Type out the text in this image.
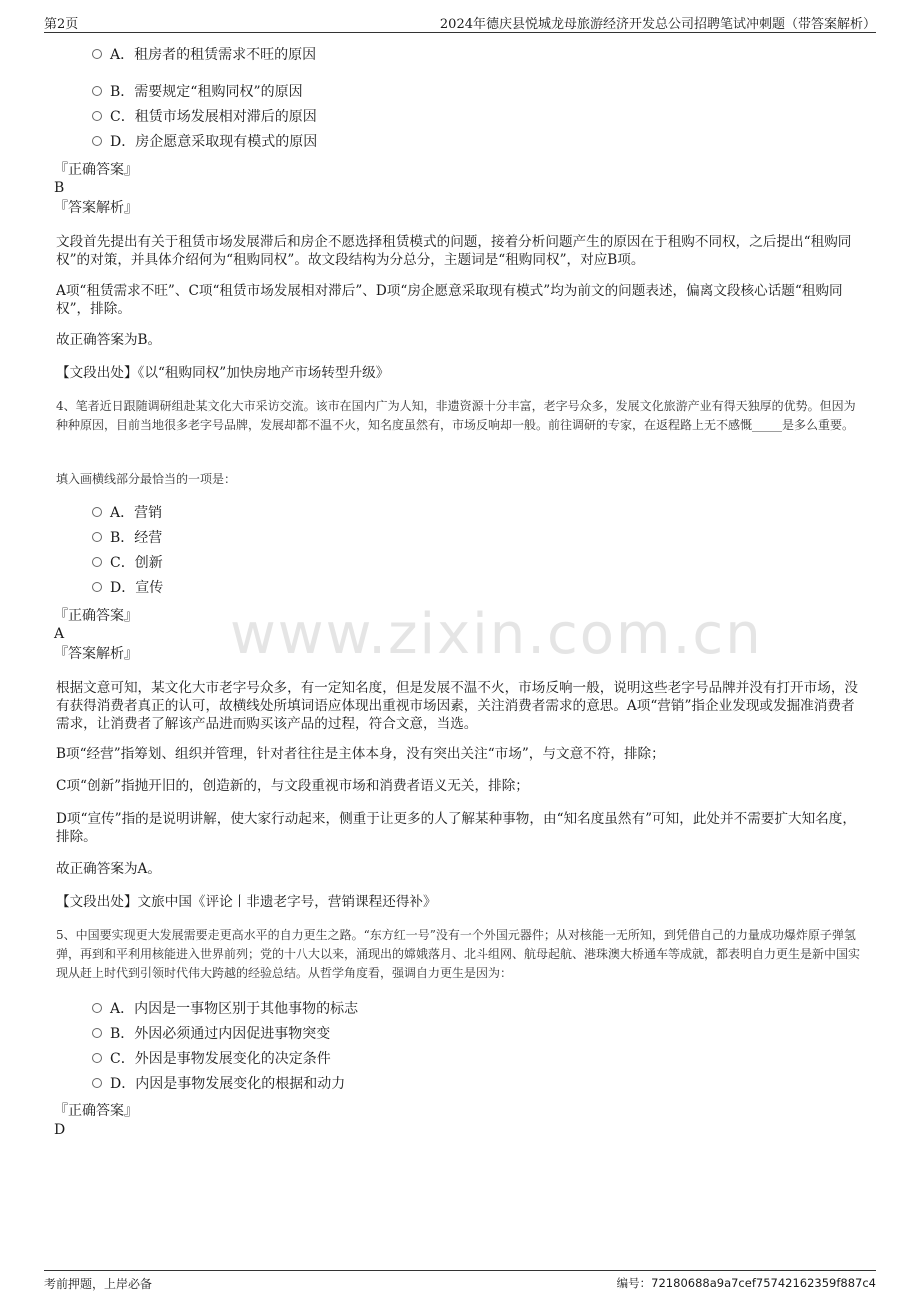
第2页	2024年德庆县悦城龙母旅游经济开发总公司招聘笔试冲刺题（带答案解析）
www.zixin.com.cn
A．租房者的租赁需求不旺的原因
B．需要规定“租购同权”的原因
C．租赁市场发展相对滞后的原因
D．房企愿意采取现有模式的原因
『正确答案』
B
『答案解析』
文段首先提出有关于租赁市场发展滞后和房企不愿选择租赁模式的问题，接着分析问题产生的原因在于租购不同权，之后提出“租购同权”的对策，并具体介绍何为“租购同权”。故文段结构为分总分，主题词是“租购同权”，对应B项。
A项“租赁需求不旺”、C项“租赁市场发展相对滞后”、D项“房企愿意采取现有模式”均为前文的问题表述，偏离文段核心话题“租购同权”，排除。
故正确答案为B。
【文段出处】《以“租购同权”加快房地产市场转型升级》
4、笔者近日跟随调研组赴某文化大市采访交流。该市在国内广为人知，非遗资源十分丰富，老字号众多，发展文化旅游产业有得天独厚的优势。但因为种种原因，目前当地很多老字号品牌，发展却都不温不火，知名度虽然有，市场反响却一般。前往调研的专家，在返程路上无不感慨_____是多么重要。
填入画横线部分最恰当的一项是：
A．营销
B．经营
C．创新
D．宣传
『正确答案』
A
『答案解析』
根据文意可知，某文化大市老字号众多，有一定知名度，但是发展不温不火，市场反响一般，说明这些老字号品牌并没有打开市场，没有获得消费者真正的认可，故横线处所填词语应体现出重视市场因素，关注消费者需求的意思。A项“营销”指企业发现或发掘准消费者需求，让消费者了解该产品进而购买该产品的过程，符合文意，当选。
B项“经营”指筹划、组织并管理，针对者往往是主体本身，没有突出关注“市场”，与文意不符，排除；
C项“创新”指抛开旧的，创造新的，与文段重视市场和消费者语义无关，排除；
D项“宣传”指的是说明讲解，使大家行动起来，侧重于让更多的人了解某种事物，由“知名度虽然有”可知，此处并不需要扩大知名度，排除。
故正确答案为A。
【文段出处】文旅中国《评论丨非遗老字号，营销课程还得补》
5、中国要实现更大发展需要走更高水平的自力更生之路。“东方红一号”没有一个外国元器件；从对核能一无所知，到凭借自己的力量成功爆炸原子弹氢弹，再到和平利用核能进入世界前列；党的十八大以来，涌现出的嫦娥落月、北斗组网、航母起航、港珠澳大桥通车等成就，都表明自力更生是新中国实现从赶上时代到引领时代伟大跨越的经验总结。从哲学角度看，强调自力更生是因为：
A．内因是一事物区别于其他事物的标志
B．外因必须通过内因促进事物突变
C．外因是事物发展变化的决定条件
D．内因是事物发展变化的根据和动力
『正确答案』
D
考前押题，上岸必备	编号：72180688a9a7cef75742162359f887c4
